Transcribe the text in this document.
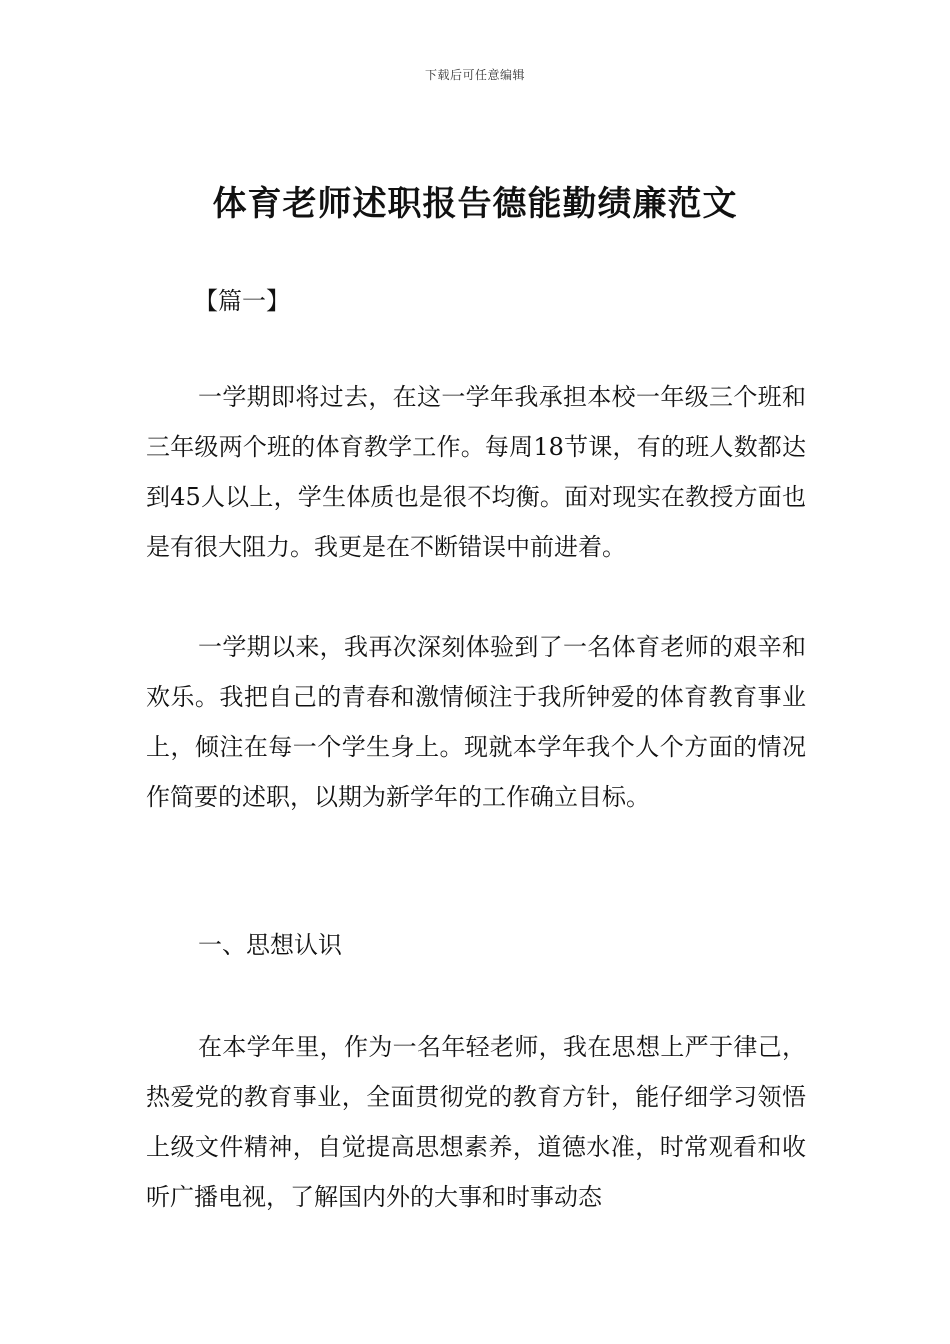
下载后可任意编辑
体育老师述职报告德能勤绩廉范文
【篇一】

一学期即将过去，在这一学年我承担本校一年级三个班和三年级两个班的体育教学工作。每周18节课，有的班人数都达到45人以上，学生体质也是很不均衡。面对现实在教授方面也是有很大阻力。我更是在不断错误中前进着。

一学期以来，我再次深刻体验到了一名体育老师的艰辛和欢乐。我把自己的青春和激情倾注于我所钟爱的体育教育事业上，倾注在每一个学生身上。现就本学年我个人个方面的情况作简要的述职，以期为新学年的工作确立目标。

一、思想认识

在本学年里，作为一名年轻老师，我在思想上严于律己，热爱党的教育事业，全面贯彻党的教育方针，能仔细学习领悟上级文件精神，自觉提高思想素养，道德水准，时常观看和收听广播电视，了解国内外的大事和时事动态
